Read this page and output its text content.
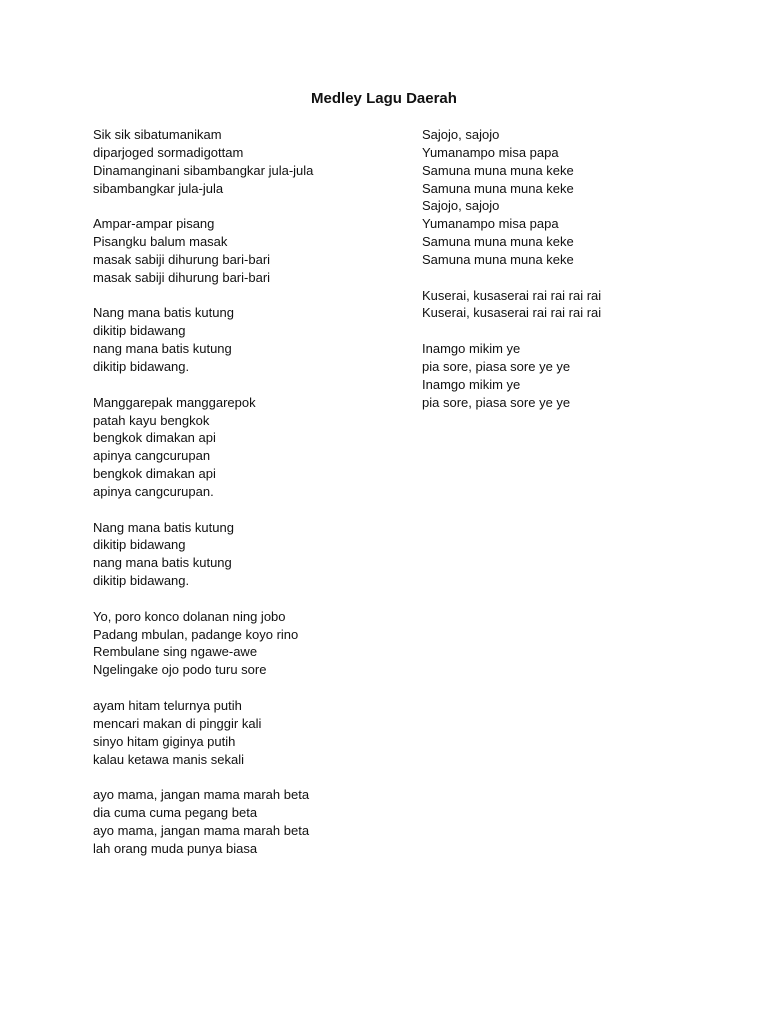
Medley Lagu Daerah
Sik sik sibatumanikam
diparjoged sormadigottam
Dinamanginani sibambangkar jula-jula
sibambangkar jula-jula
Ampar-ampar pisang
Pisangku balum masak
masak sabiji dihurung bari-bari
masak sabiji dihurung bari-bari
Nang mana batis kutung
dikitip bidawang
nang mana batis kutung
dikitip bidawang.
Manggarepak manggarepok
patah kayu bengkok
bengkok dimakan api
apinya cangcurupan
bengkok dimakan api
apinya cangcurupan.
Nang mana batis kutung
dikitip bidawang
nang mana batis kutung
dikitip bidawang.
Yo, poro konco dolanan ning jobo
Padang mbulan, padange koyo rino
Rembulane sing ngawe-awe
Ngelingake ojo podo turu sore
ayam hitam telurnya putih
mencari makan di pinggir kali
sinyo hitam giginya putih
kalau ketawa manis sekali
ayo mama, jangan mama marah beta
dia cuma cuma pegang beta
ayo mama, jangan mama marah beta
lah orang muda punya biasa
Sajojo, sajojo
Yumanampo misa papa
Samuna muna muna keke
Samuna muna muna keke
Sajojo, sajojo
Yumanampo misa papa
Samuna muna muna keke
Samuna muna muna keke
Kuserai, kusaserai rai rai rai rai
Kuserai, kusaserai rai rai rai rai
Inamgo mikim ye
pia sore, piasa sore ye ye
Inamgo mikim ye
pia sore, piasa sore ye ye
